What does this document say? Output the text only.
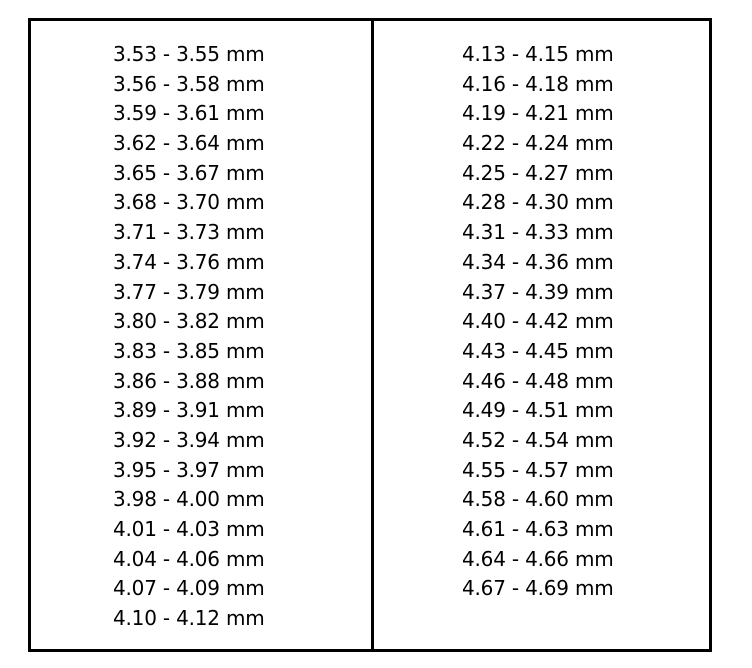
3.53 - 3.55 mm
3.56 - 3.58 mm
3.59 - 3.61 mm
3.62 - 3.64 mm
3.65 - 3.67 mm
3.68 - 3.70 mm
3.71 - 3.73 mm
3.74 - 3.76 mm
3.77 - 3.79 mm
3.80 - 3.82 mm
3.83 - 3.85 mm
3.86 - 3.88 mm
3.89 - 3.91 mm
3.92 - 3.94 mm
3.95 - 3.97 mm
3.98 - 4.00 mm
4.01 - 4.03 mm
4.04 - 4.06 mm
4.07 - 4.09 mm
4.10 - 4.12 mm
4.13 - 4.15 mm
4.16 - 4.18 mm
4.19 - 4.21 mm
4.22 - 4.24 mm
4.25 - 4.27 mm
4.28 - 4.30 mm
4.31 - 4.33 mm
4.34 - 4.36 mm
4.37 - 4.39 mm
4.40 - 4.42 mm
4.43 - 4.45 mm
4.46 - 4.48 mm
4.49 - 4.51 mm
4.52 - 4.54 mm
4.55 - 4.57 mm
4.58 - 4.60 mm
4.61 - 4.63 mm
4.64 - 4.66 mm
4.67 - 4.69 mm
